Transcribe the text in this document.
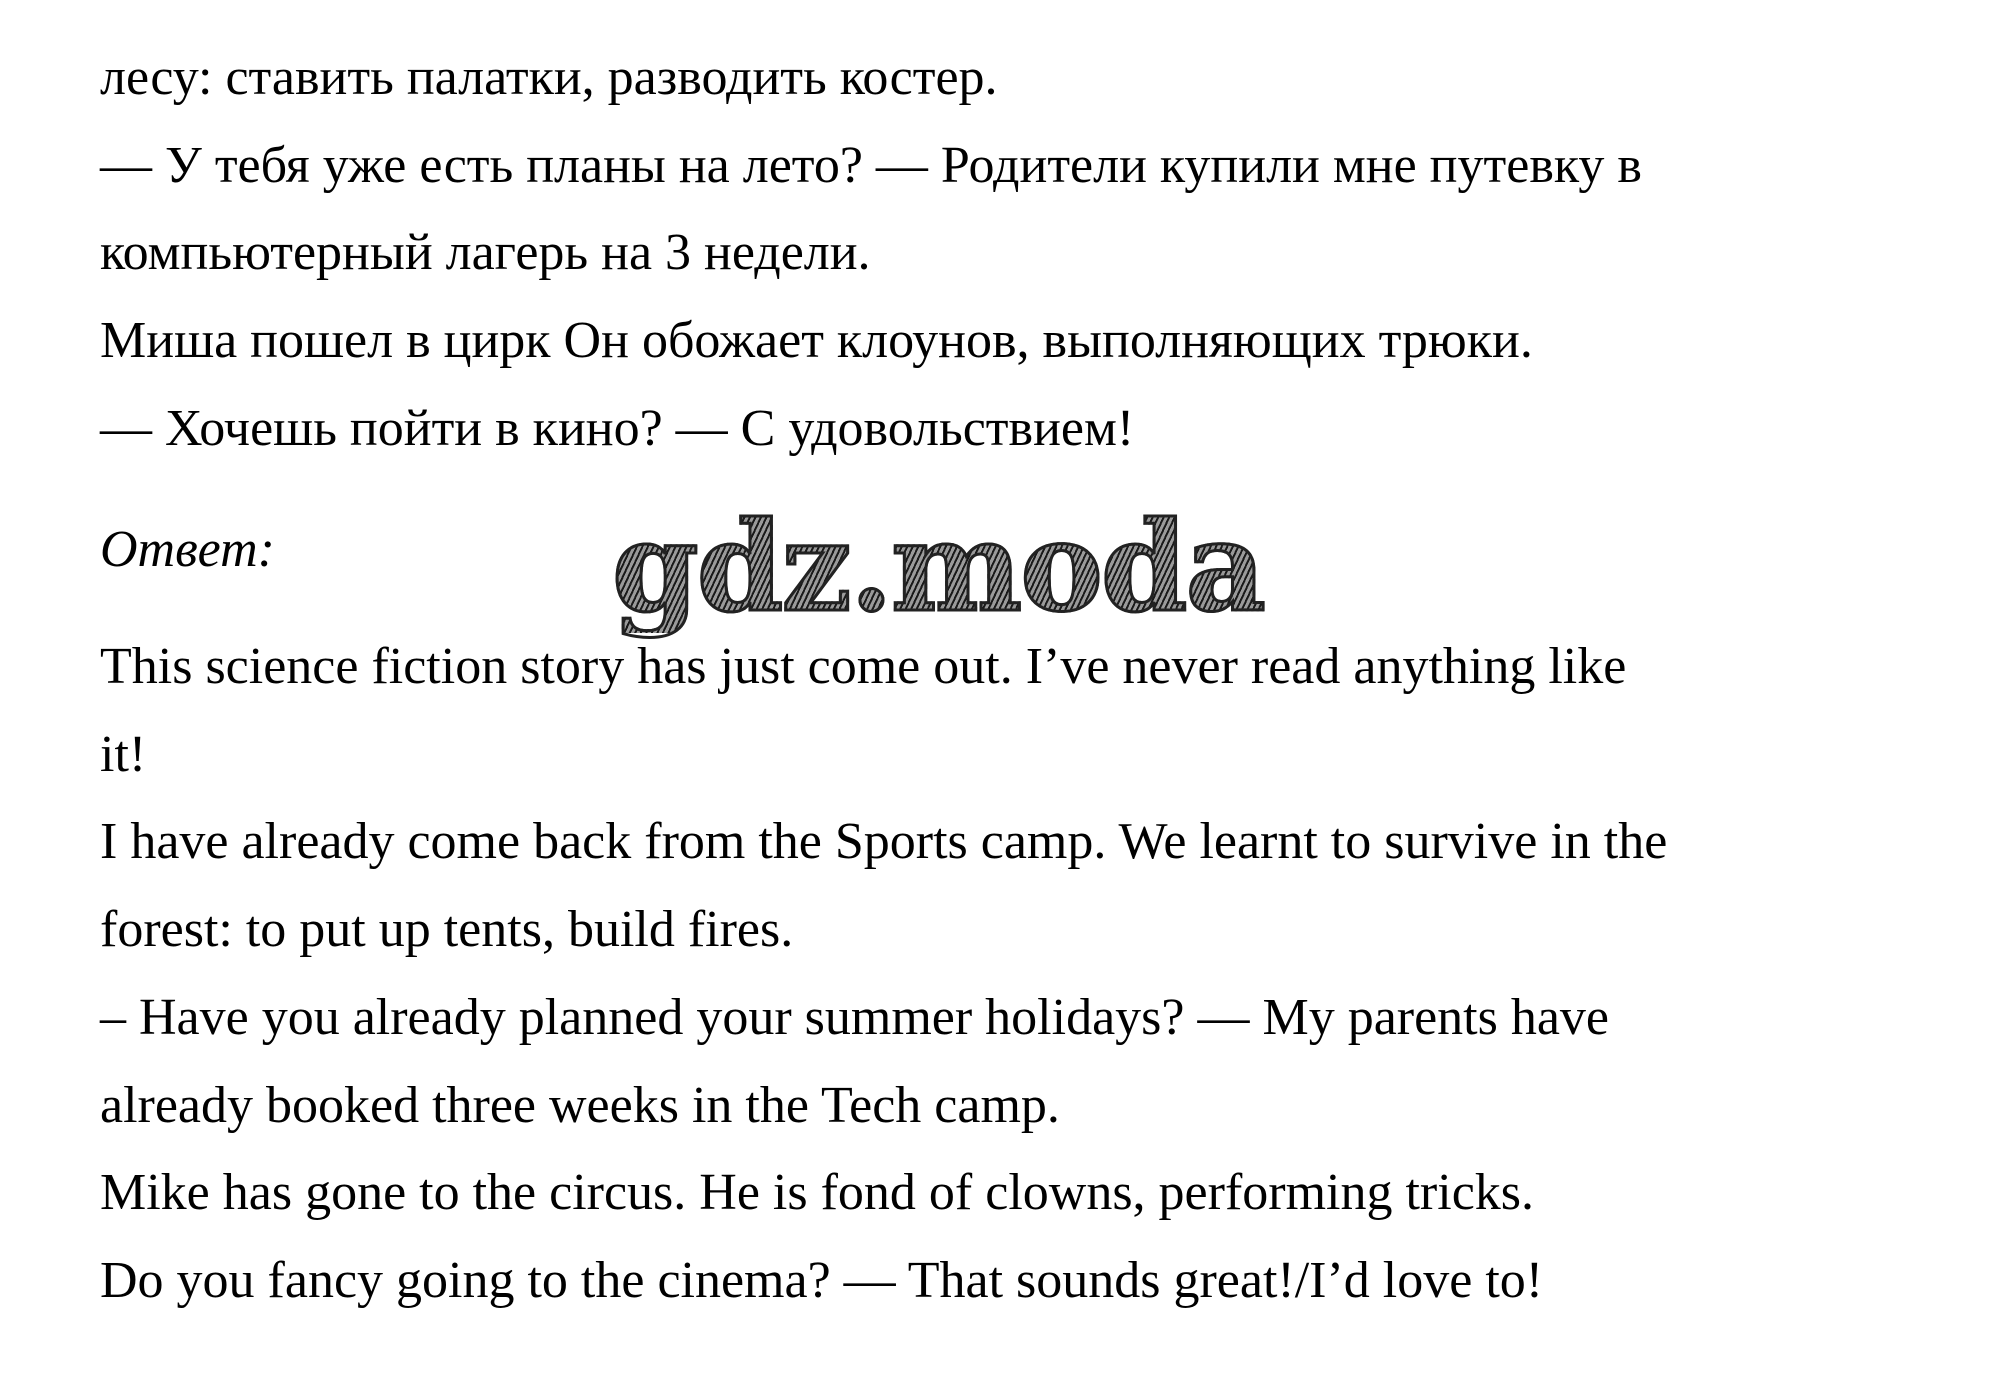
лесу: ставить палатки, разводить костер.
— У тебя уже есть планы на лето? — Родители купили мне путевку в
компьютерный лагерь на 3 недели.
Миша пошел в цирк Он обожает клоунов, выполняющих трюки.
— Хочешь пойти в кино? — С удовольствием!
Ответ:
This science fiction story has just come out. I’ve never read anything like
it!
I have already come back from the Sports camp. We learnt to survive in the
forest: to put up tents, build fires.
– Have you already planned your summer holidays? — My parents have
already booked three weeks in the Tech camp.
Mike has gone to the circus. He is fond of clowns, performing tricks.
Do you fancy going to the cinema? — That sounds great!/I’d love to!
gdz.moda
